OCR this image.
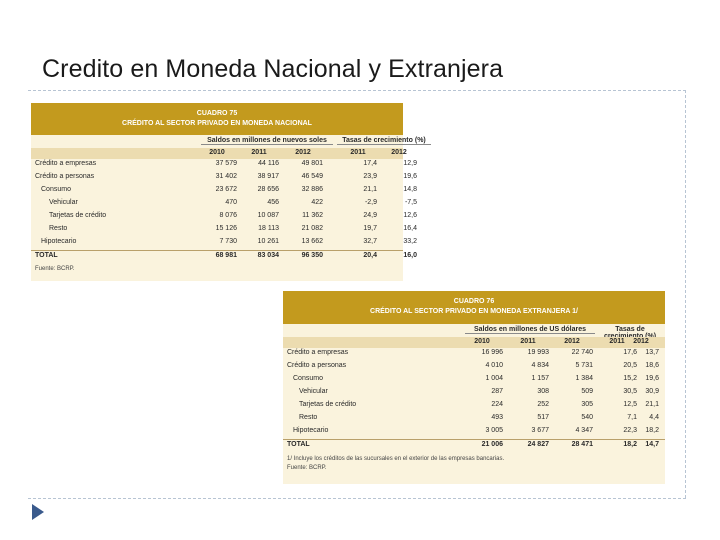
Credito en Moneda Nacional y Extranjera
CUADRO 75
CRÉDITO AL SECTOR PRIVADO EN MONEDA NACIONAL
Saldos en millones de nuevos soles	Tasas de crecimiento (%)
2010	2011	2012	2011	2012
Crédito a empresas	37 579	44 116	49 801	17,4	12,9
Crédito a personas	31 402	38 917	46 549	23,9	19,6
Consumo	23 672	28 656	32 886	21,1	14,8
Vehicular	470	456	422	-2,9	-7,5
Tarjetas de crédito	8 076	10 087	11 362	24,9	12,6
Resto	15 126	18 113	21 082	19,7	16,4
Hipotecario	7 730	10 261	13 662	32,7	33,2
TOTAL	68 981	83 034	96 350	20,4	16,0
Fuente: BCRP.
CUADRO 76
CRÉDITO AL SECTOR PRIVADO EN MONEDA EXTRANJERA 1/
Saldos en millones de US dólares	Tasas de
2010	2011	2012	2011	2012
Crédito a empresas	16 996	19 993	22 740	17,6	13,7
Crédito a personas	4 010	4 834	5 731	20,5	18,6
Consumo	1 004	1 157	1 384	15,2	19,6
Vehicular	287	308	509	30,5	30,9
Tarjetas de crédito	224	252	305	12,5	21,1
Resto	493	517	540	7,1	4,4
Hipotecario	3 005	3 677	4 347	22,3	18,2
TOTAL	21 006	24 827	28 471	18,2	14,7
1/ Incluye los créditos de las sucursales en el exterior de las empresas bancarias.
Fuente: BCRP.
